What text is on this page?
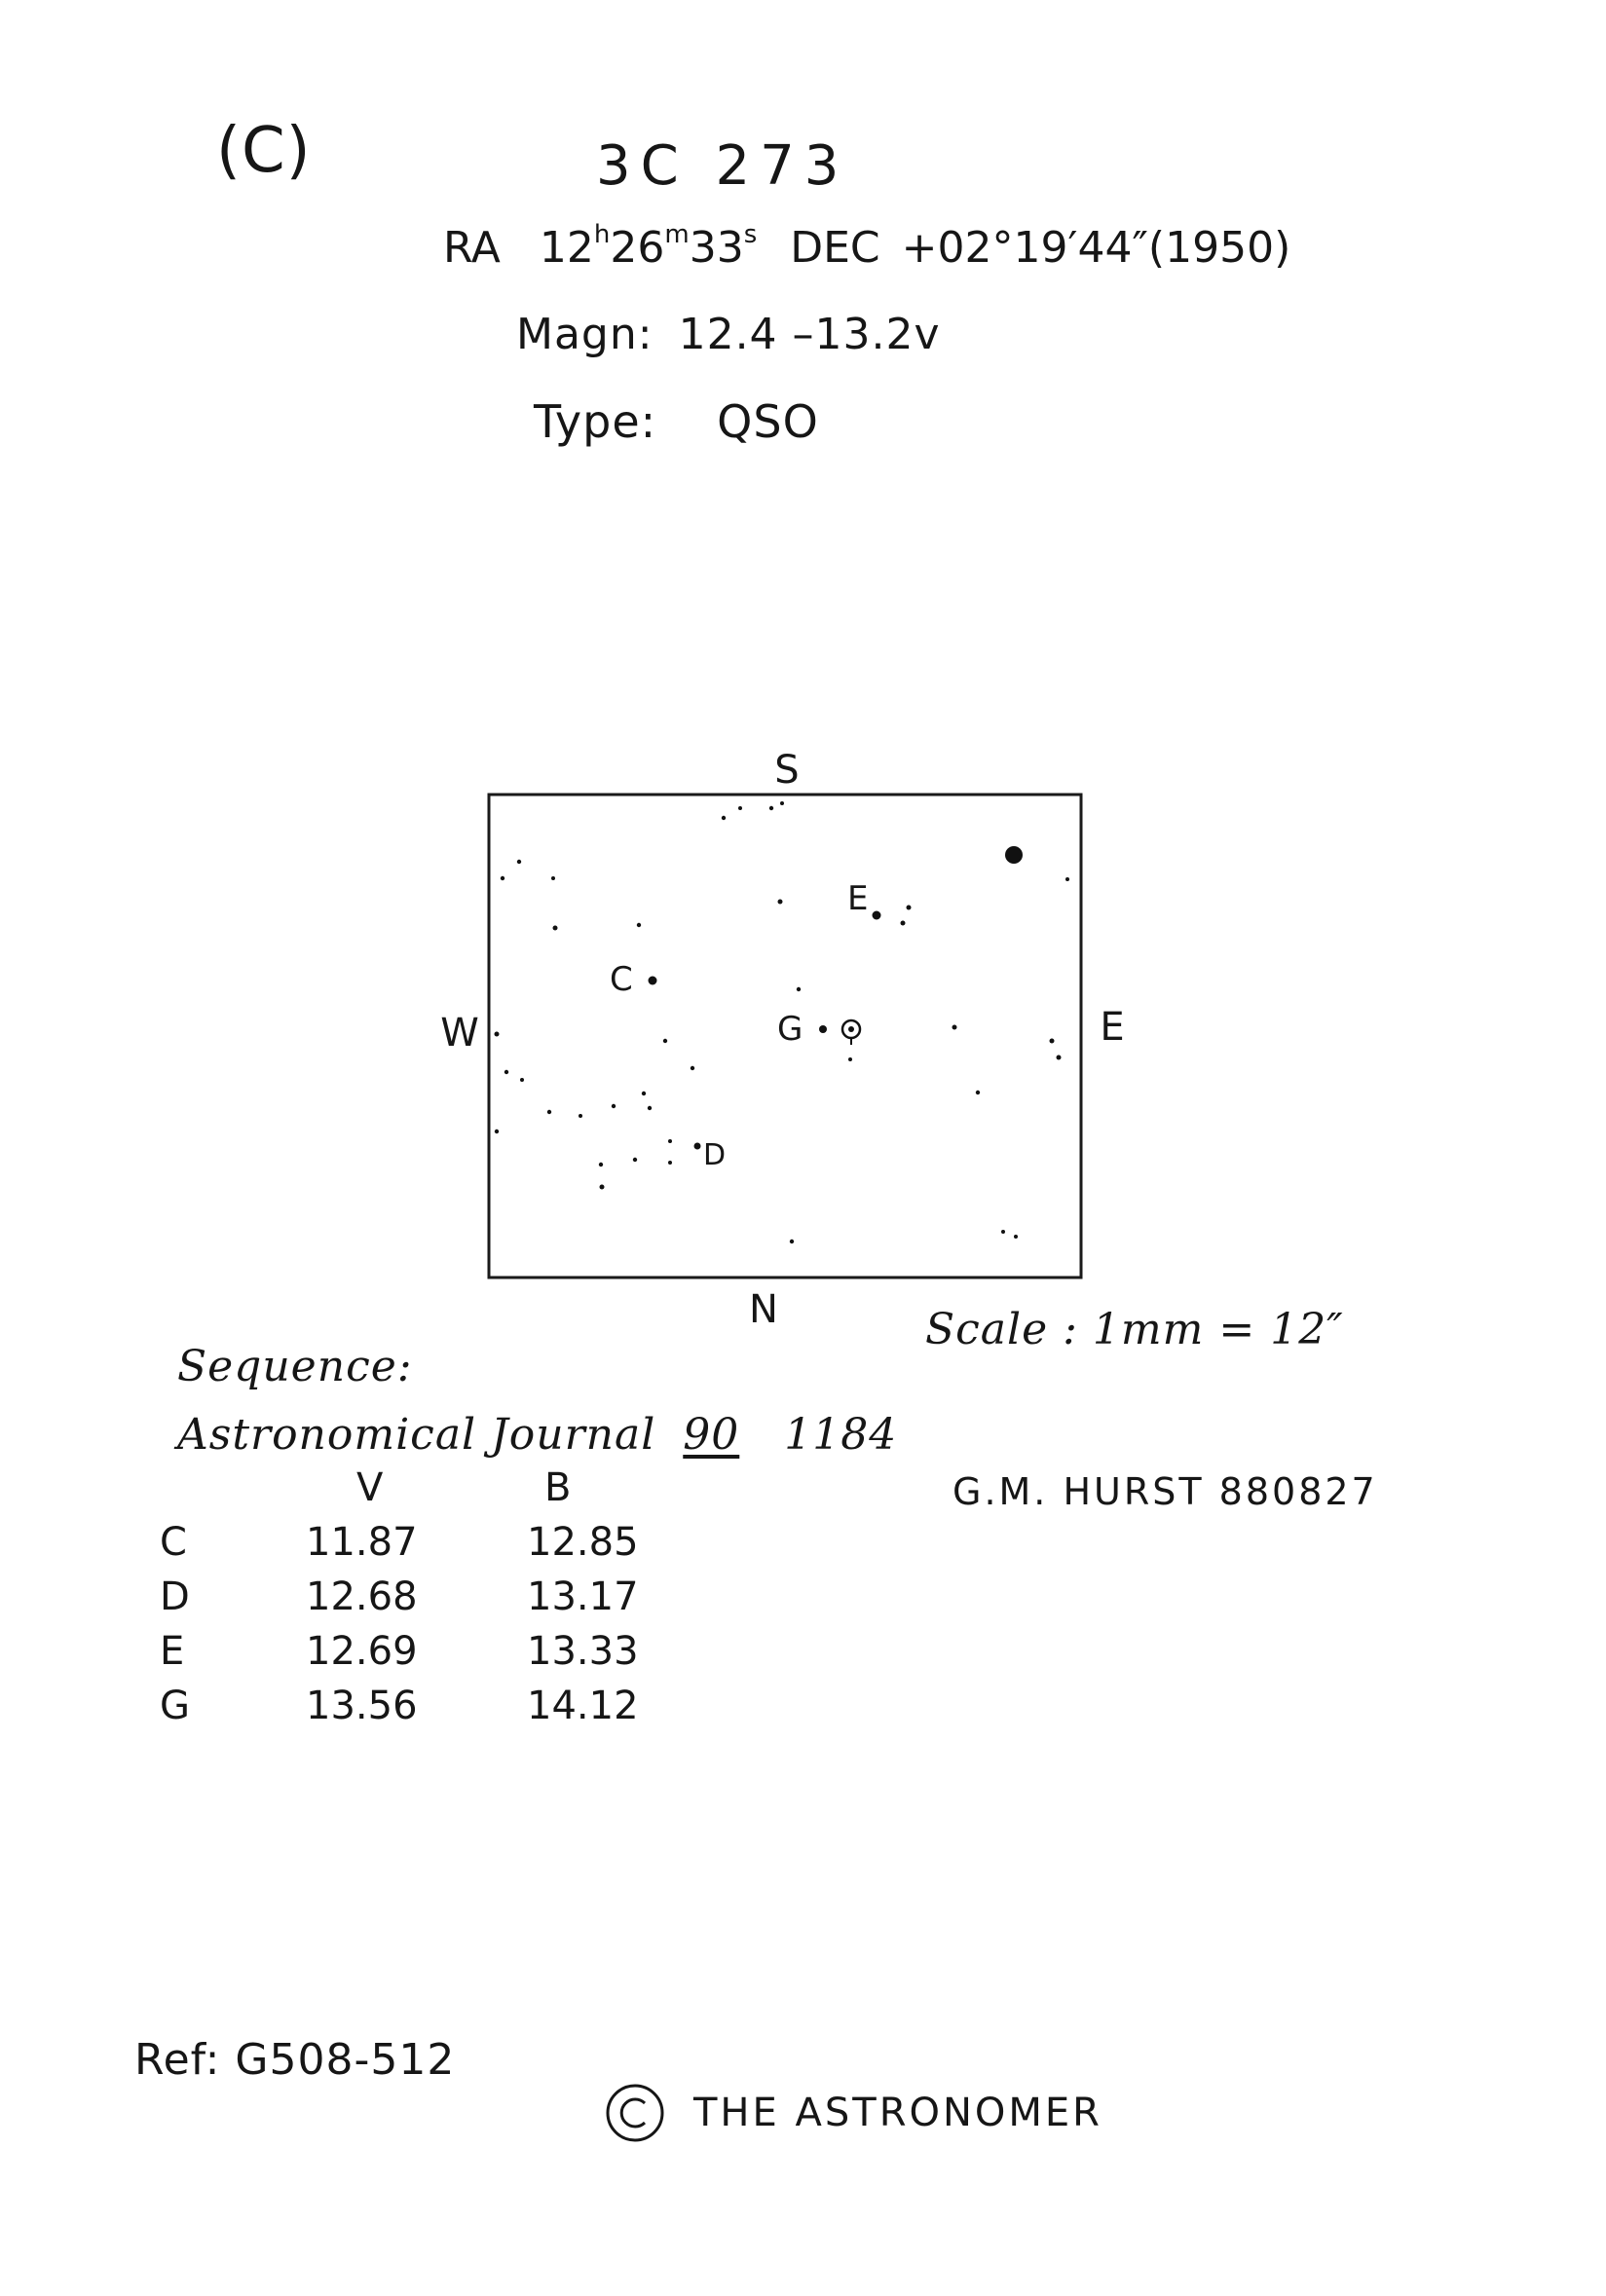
(C)	3C 273
RA 12h26m33s DEC +02°19′44″(1950)
Magn: 12.4 –13.2v
Type: QSO
S
N
W	E
C
E
G
D
Scale : 1mm = 12″
Sequence:
Astronomical Journal 90 1184
	V	B
C	11.87	12.85
D	12.68	13.17
E	12.69	13.33
G	13.56	14.12
G.M. HURST 880827
Ref: G508-512
THE ASTRONOMER
